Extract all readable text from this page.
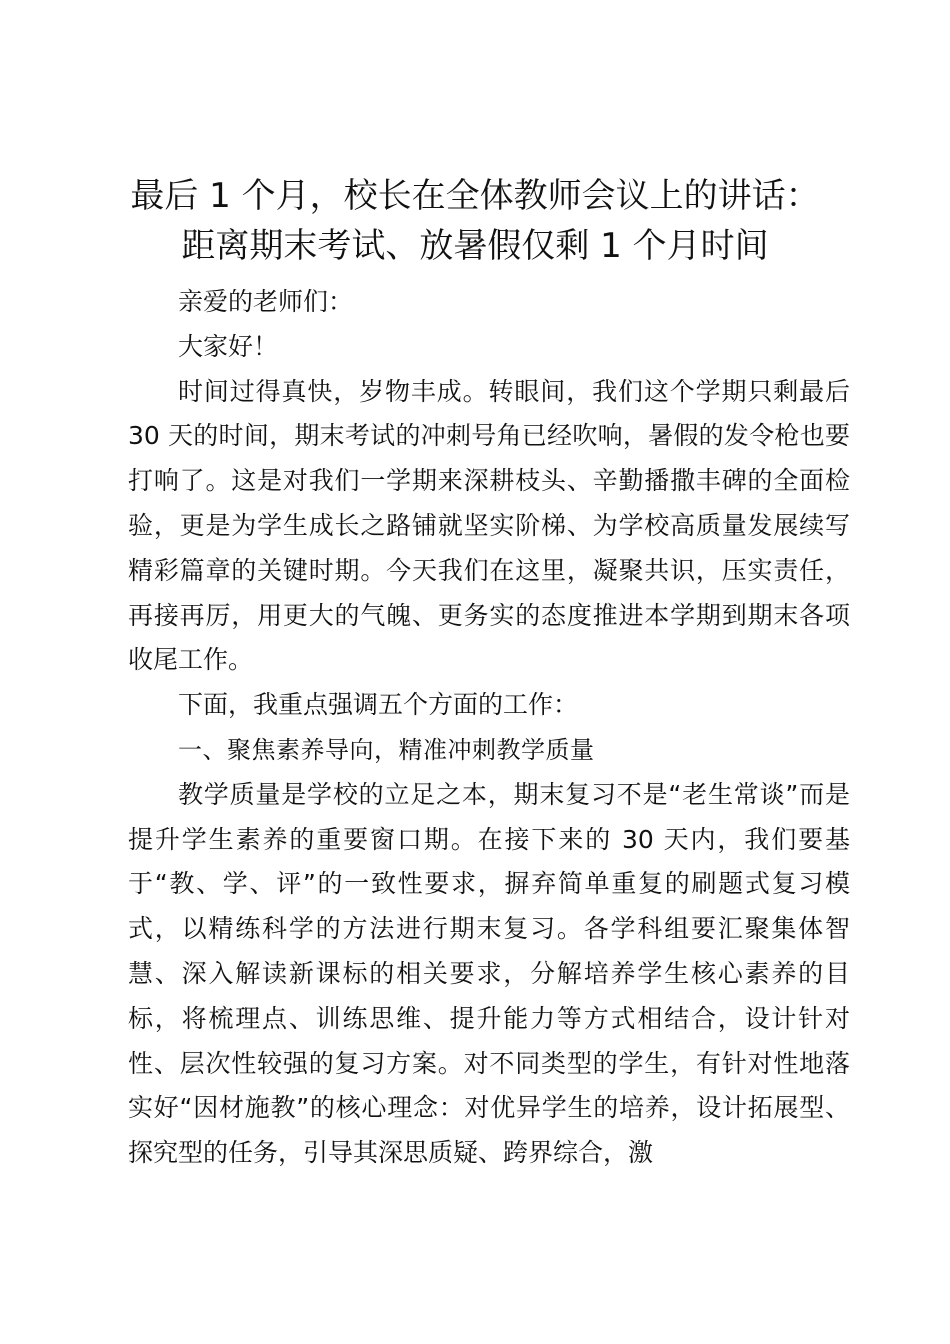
最后 1 个月，校长在全体教师会议上的讲话：
距离期末考试、放暑假仅剩 1 个月时间

亲爱的老师们：

大家好！

时间过得真快，岁物丰成。转眼间，我们这个学期只剩最后 30 天的时间，期末考试的冲刺号角已经吹响，暑假的发令枪也要打响了。这是对我们一学期来深耕枝头、辛勤播撒丰碑的全面检验，更是为学生成长之路铺就坚实阶梯、为学校高质量发展续写精彩篇章的关键时期。今天我们在这里，凝聚共识，压实责任，再接再厉，用更大的气魄、更务实的态度推进本学期到期末各项收尾工作。

下面，我重点强调五个方面的工作：

一、聚焦素养导向，精准冲刺教学质量

教学质量是学校的立足之本，期末复习不是“老生常谈”而是提升学生素养的重要窗口期。在接下来的 30 天内，我们要基于“教、学、评”的一致性要求，摒弃简单重复的刷题式复习模式，以精练科学的方法进行期末复习。各学科组要汇聚集体智慧、深入解读新课标的相关要求，分解培养学生核心素养的目标，将梳理点、训练思维、提升能力等方式相结合，设计针对性、层次性较强的复习方案。对不同类型的学生，有针对性地落实好“因材施教”的核心理念：对优异学生的培养，设计拓展型、探究型的任务，引导其深思质疑、跨界综合，激
